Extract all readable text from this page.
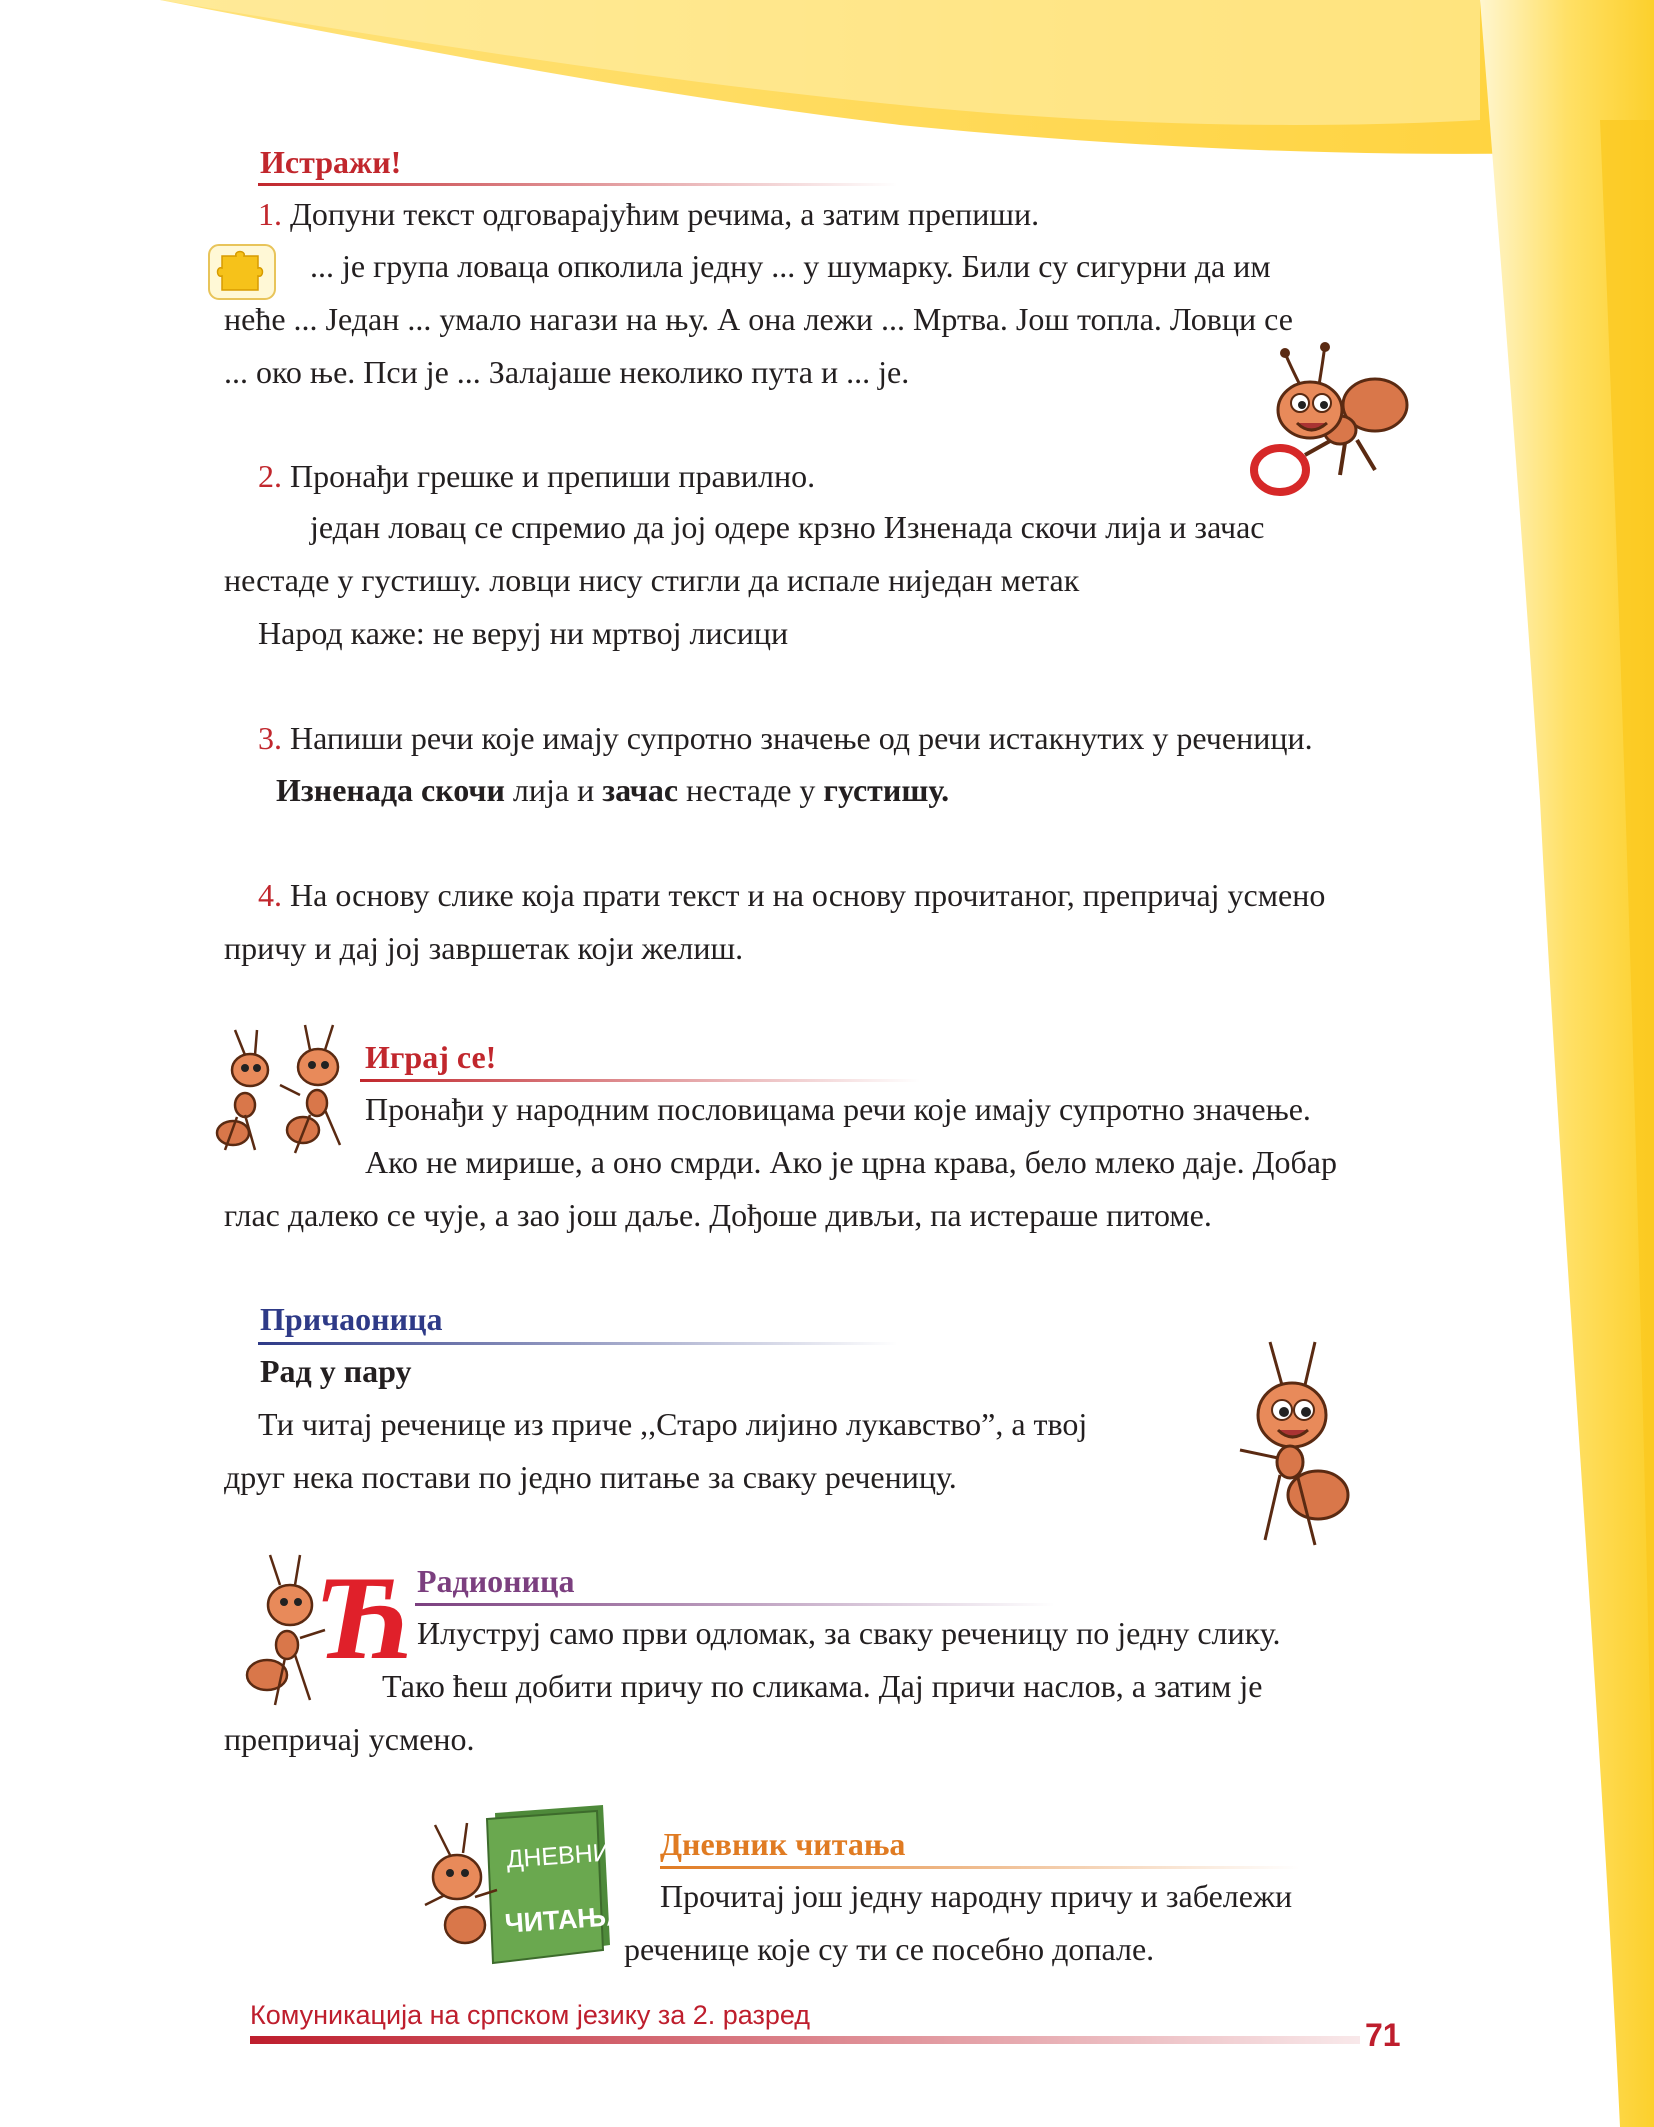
Истражи!
1. Допуни текст одговарајућим речима, а затим препиши.
... је група ловаца опколила једну ... у шумарку. Били су сигурни да им
неће ... Један ... умало нагази на њу. А она лежи ... Мртва. Још топла. Ловци се
... око ње. Пси је ... Залајаше неколико пута и ... је.
2. Пронађи грешке и препиши правилно.
један ловац се спремио да јој одере крзно Изненада скочи лија и зачас
нестаде у густишу. ловци нису стигли да испале ниједан метак
Народ каже: не веруј ни мртвој лисици
3. Напиши речи које имају супротно значење од речи истакнутих у реченици.
Изненада скочи лија и зачас нестаде у густишу.
4. На основу слике која прати текст и на основу прочитаног, препричај усмено
причу и дај јој завршетак који желиш.
Играј се!
Пронађи у народним пословицама речи које имају супротно значење.
Ако не мирише, а оно смрди. Ако је црна крава, бело млеко даје. Добар
глас далеко се чује, а зао још даље. Дођоше дивљи, па истераше питоме.
Причаоница
Рад у пару
Ти читај реченице из приче ,,Старо лијино лукавство”, а твој
друг нека постави по једно питање за сваку реченицу.
Ћ Радионица
Илуструј само први одломак, за сваку реченицу по једну слику.
Тако ћеш добити причу по сликама. Дај причи наслов, а затим је
препричај усмено.
ДНЕВНИК
ЧИТАЊА
Дневник читања
Прочитај још једну народну причу и забележи
реченице које су ти се посебно допале.
Комуникација на српском језику за 2. разред
71
